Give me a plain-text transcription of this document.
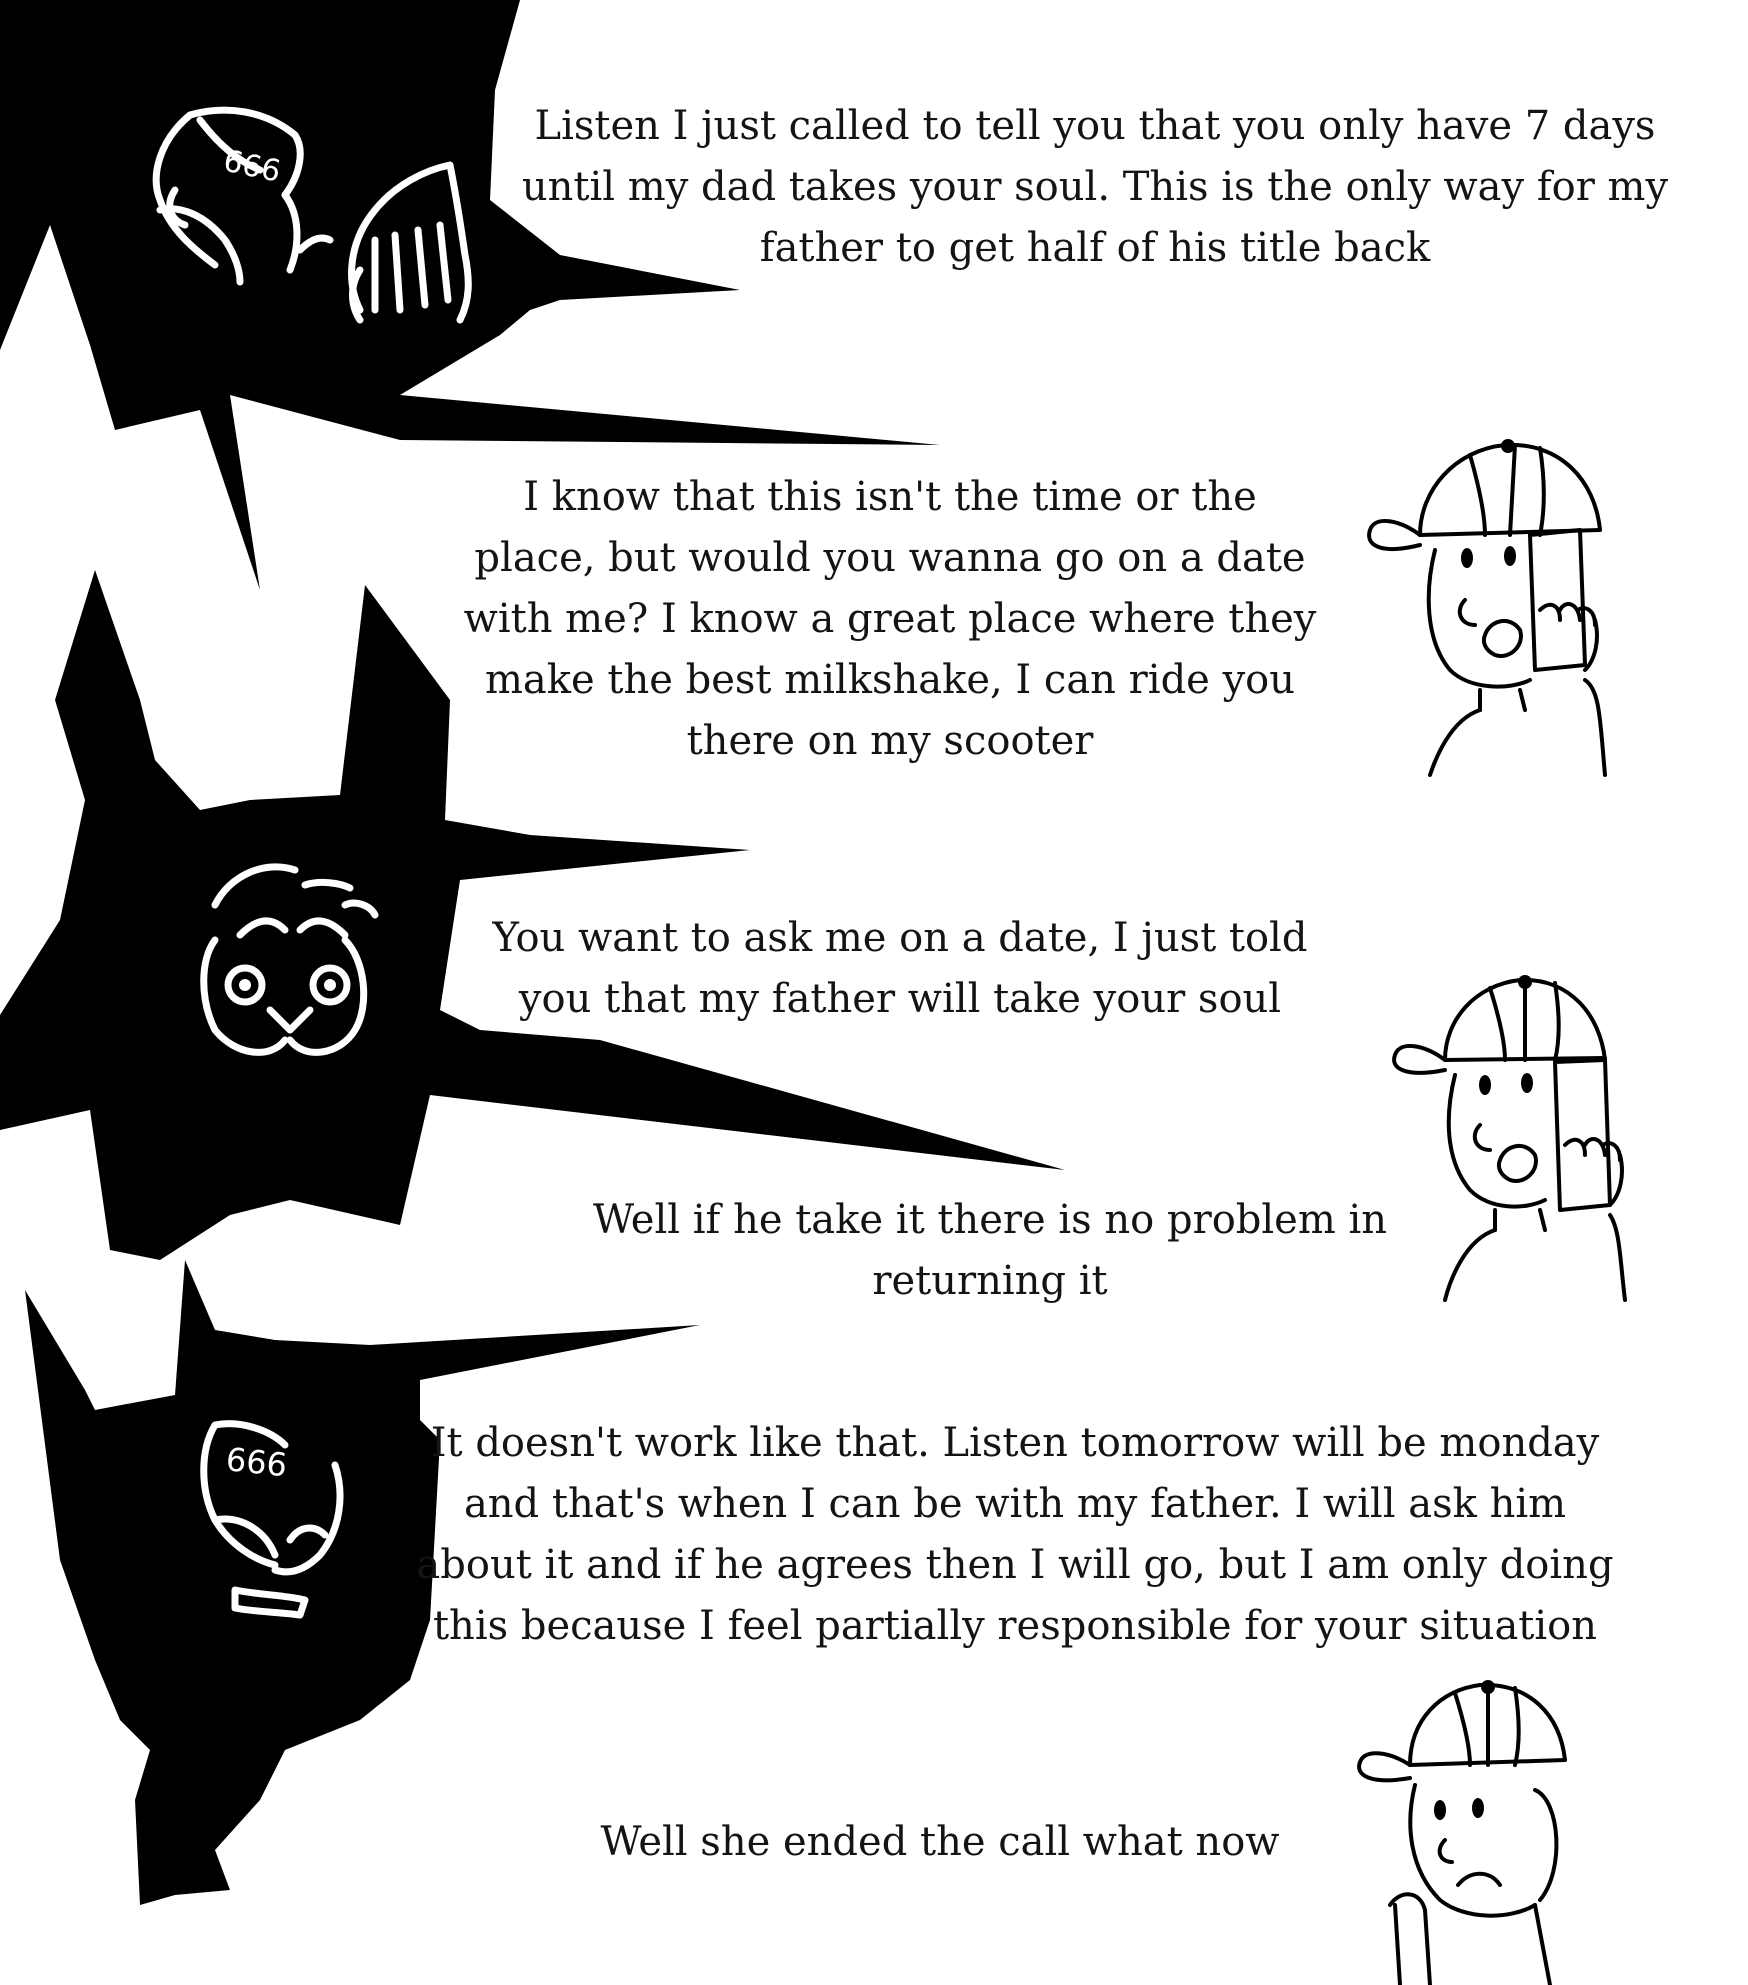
666
666
Listen I just called to tell you that you only have 7 days
until my dad takes your soul. This is the only way for my
father to get half of his title back
I know that this isn't the time or the
place, but would you wanna go on a date
with me? I know a great place where they
make the best milkshake, I can ride you
there on my scooter
You want to ask me on a date, I just told
you that my father will take your soul
Well if he take it there is no problem in
returning it
It doesn't work like that. Listen tomorrow will be monday
and that's when I can be with my father. I will ask him
about it and if he agrees then I will go, but I am only doing
this because I feel partially responsible for your situation
Well she ended the call what now
